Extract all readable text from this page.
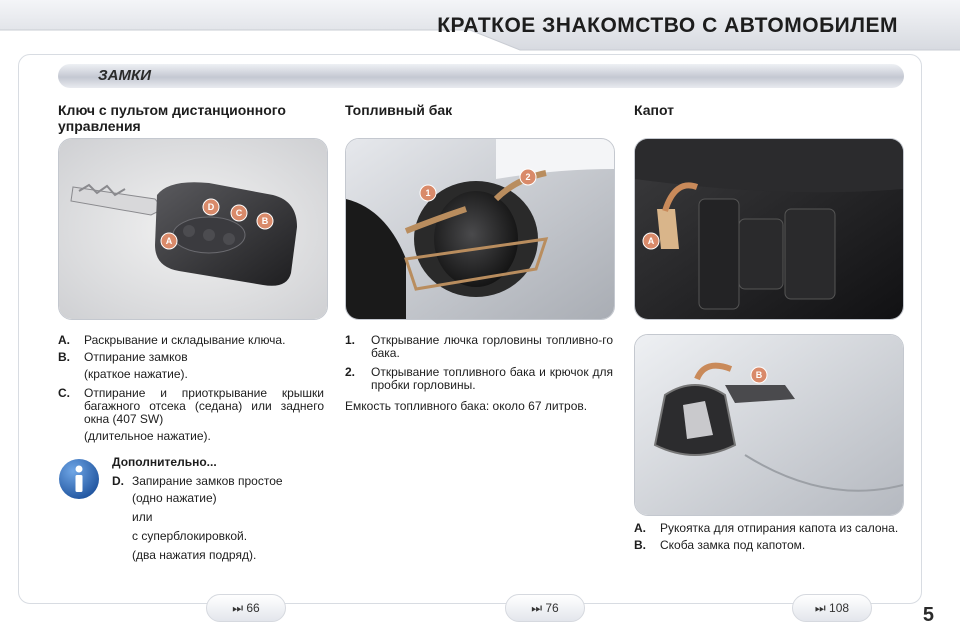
КРАТКОЕ ЗНАКОМСТВО С АВТОМОБИЛЕМ
ЗАМКИ
Ключ с пультом дистанционного
управления
A
B
C
D
A.	Раскрывание и складывание ключа.
B.	Отпирание замков
(краткое нажатие).
C.	Отпирание и приоткрывание крышки багажного отсека (седана) или заднего окна (407 SW)
(длительное нажатие).
Дополнительно...
D. Запирание замков простое
(одно нажатие)
или
с суперблокировкой.
(два нажатия подряд).
⏭ 66
Топливный бак
1
2
1.	Открывание лючка горловины топливно-го бака.
2.	Открывание топливного бака и крючок для пробки горловины.
Емкость топливного бака: около 67 литров.
⏭ 76
Капот
A
B
A.	Рукоятка для отпирания капота из салона.
B.	Скоба замка под капотом.
⏭ 108	5
